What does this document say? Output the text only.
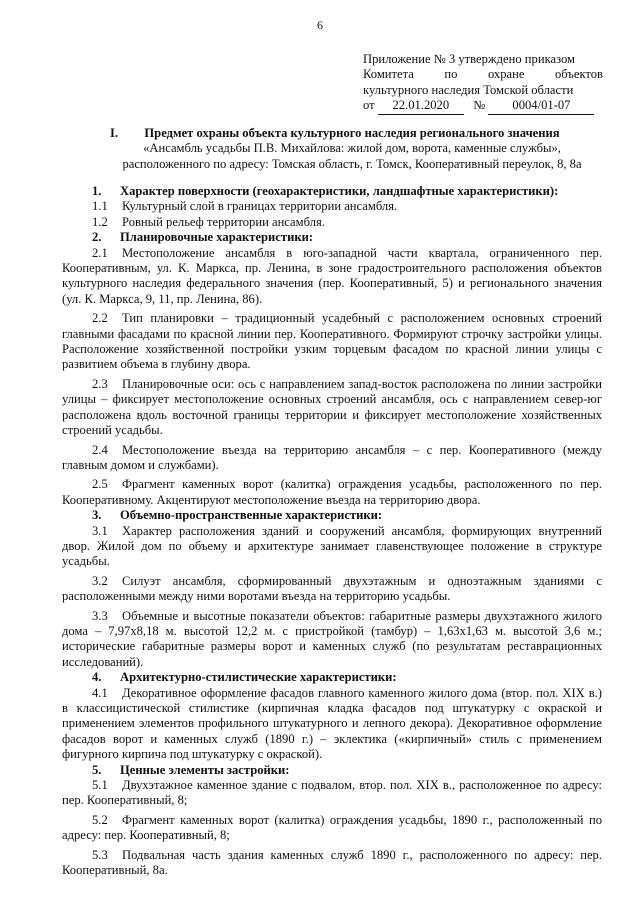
6
Приложение № 3 утверждено приказом
Комитета по охране объектов
культурного наследия Томской области
от 22.01.2020 № 0004/01-07
I.	Предмет охраны объекта культурного наследия регионального значения
«Ансамбль усадьбы П.В. Михайлова: жилой дом, ворота, каменные службы»,
расположенного по адресу: Томская область, г. Томск, Кооперативный переулок, 8, 8а
1. Характер поверхности (геохарактеристики, ландшафтные характеристики):
1.1 Культурный слой в границах территории ансамбля.
1.2 Ровный рельеф территории ансамбля.
2. Планировочные характеристики:
2.1 Местоположение ансамбля в юго-западной части квартала, ограниченного пер. Кооперативным, ул. К. Маркса, пр. Ленина, в зоне градостроительного расположения объектов культурного наследия федерального значения (пер. Кооперативный, 5) и регионального значения (ул. К. Маркса, 9, 11, пр. Ленина, 86).
2.2 Тип планировки – традиционный усадебный с расположением основных строений главными фасадами по красной линии пер. Кооперативного. Формируют строчку застройки улицы. Расположение хозяйственной постройки узким торцевым фасадом по красной линии улицы с развитием объема в глубину двора.
2.3 Планировочные оси: ось с направлением запад-восток расположена по линии застройки улицы – фиксирует местоположение основных строений ансамбля, ось с направлением север-юг расположена вдоль восточной границы территории и фиксирует местоположение хозяйственных строений усадьбы.
2.4 Местоположение въезда на территорию ансамбля – с пер. Кооперативного (между главным домом и службами).
2.5 Фрагмент каменных ворот (калитка) ограждения усадьбы, расположенного по пер. Кооперативному. Акцентируют местоположение въезда на территорию двора.
3. Объемно-пространственные характеристики:
3.1 Характер расположения зданий и сооружений ансамбля, формирующих внутренний двор. Жилой дом по объему и архитектуре занимает главенствующее положение в структуре усадьбы.
3.2 Силуэт ансамбля, сформированный двухэтажным и одноэтажным зданиями с расположенными между ними воротами въезда на территорию усадьбы.
3.3 Объемные и высотные показатели объектов: габаритные размеры двухэтажного жилого дома – 7,97х8,18 м. высотой 12,2 м. с пристройкой (тамбур) – 1,63х1,63 м. высотой 3,6 м.; исторические габаритные размеры ворот и каменных служб (по результатам реставрационных исследований).
4. Архитектурно-стилистические характеристики:
4.1 Декоративное оформление фасадов главного каменного жилого дома (втор. пол. XIX в.) в классицистической стилистике (кирпичная кладка фасадов под штукатурку с окраской и применением элементов профильного штукатурного и лепного декора). Декоративное оформление фасадов ворот и каменных служб (1890 г.) – эклектика («кирпичный» стиль с применением фигурного кирпича под штукатурку с окраской).
5. Ценные элементы застройки:
5.1 Двухэтажное каменное здание с подвалом, втор. пол. XIX в., расположенное по адресу: пер. Кооперативный, 8;
5.2 Фрагмент каменных ворот (калитка) ограждения усадьбы, 1890 г., расположенный по адресу: пер. Кооперативный, 8;
5.3 Подвальная часть здания каменных служб 1890 г., расположенного по адресу: пер. Кооперативный, 8а.
